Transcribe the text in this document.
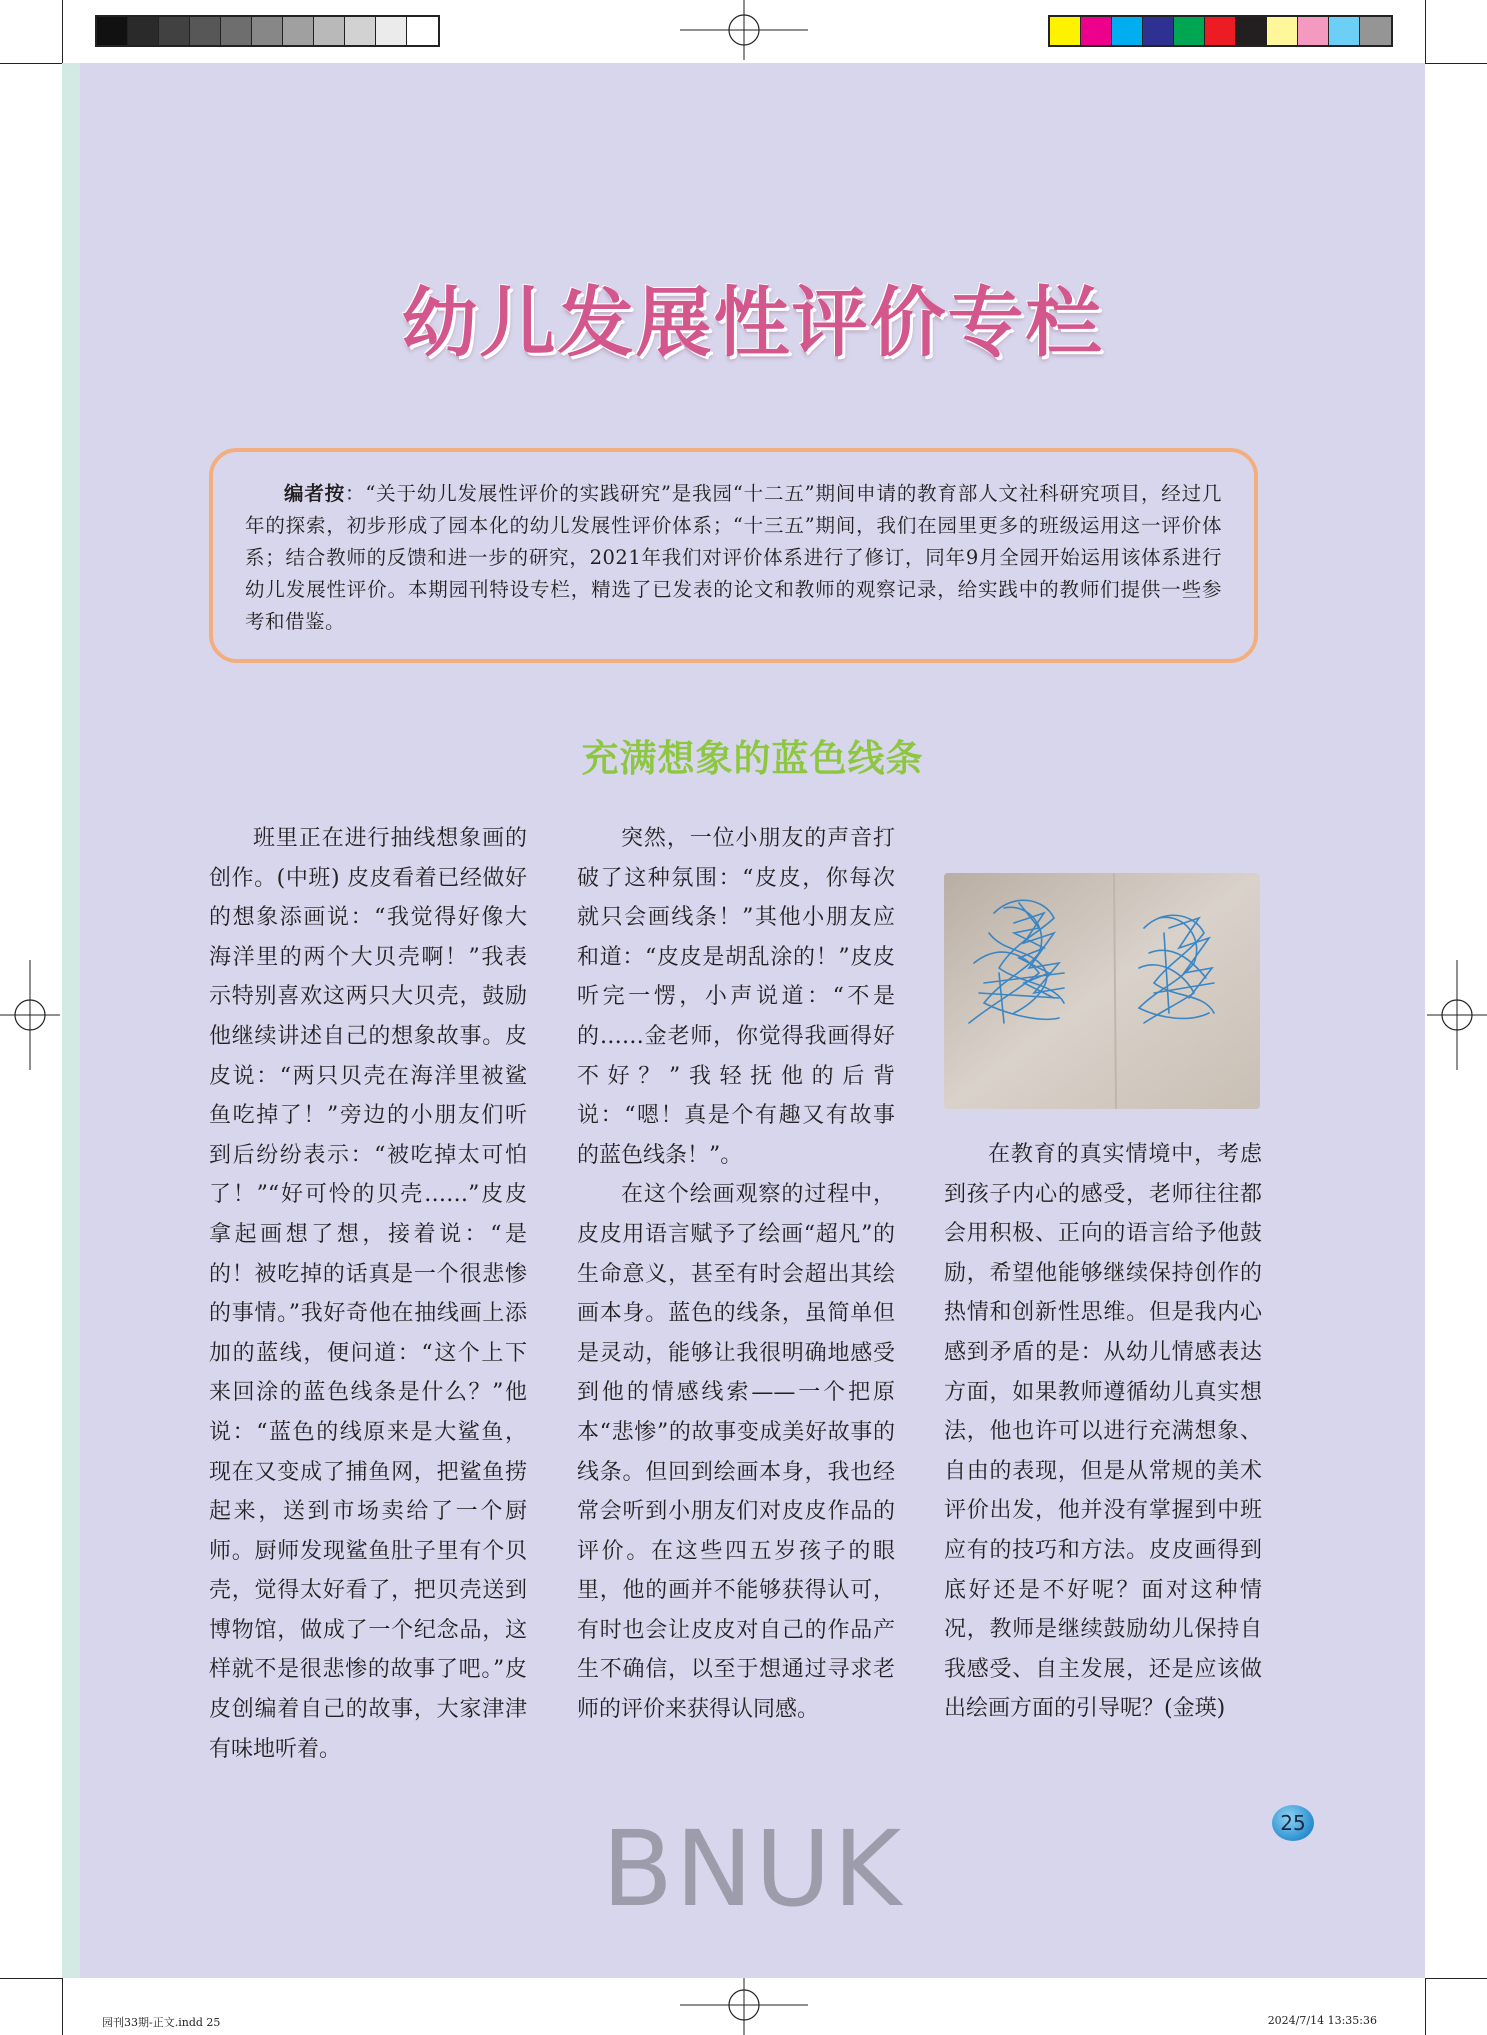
幼儿发展性评价专栏

编者按：“关于幼儿发展性评价的实践研究”是我园“十二五”期间申请的教育部人文社科研究项目，经过几年的探索，初步形成了园本化的幼儿发展性评价体系；“十三五”期间，我们在园里更多的班级运用这一评价体系；结合教师的反馈和进一步的研究，2021年我们对评价体系进行了修订，同年9月全园开始运用该体系进行幼儿发展性评价。本期园刊特设专栏，精选了已发表的论文和教师的观察记录，给实践中的教师们提供一些参考和借鉴。

充满想象的蓝色线条

班里正在进行抽线想象画的创作。(中班) 皮皮看着已经做好的想象添画说：“我觉得好像大海洋里的两个大贝壳啊！”我表示特别喜欢这两只大贝壳，鼓励他继续讲述自己的想象故事。皮皮说：“两只贝壳在海洋里被鲨鱼吃掉了！”旁边的小朋友们听到后纷纷表示：“被吃掉太可怕了！”“好可怜的贝壳……”皮皮拿起画想了想，接着说：“是的！被吃掉的话真是一个很悲惨的事情。”我好奇他在抽线画上添加的蓝线，便问道：“这个上下来回涂的蓝色线条是什么？”他说：“蓝色的线原来是大鲨鱼，现在又变成了捕鱼网，把鲨鱼捞起来，送到市场卖给了一个厨师。厨师发现鲨鱼肚子里有个贝壳，觉得太好看了，把贝壳送到博物馆，做成了一个纪念品，这样就不是很悲惨的故事了吧。”皮皮创编着自己的故事，大家津津有味地听着。

突然，一位小朋友的声音打破了这种氛围：“皮皮，你每次就只会画线条！”其他小朋友应和道：“皮皮是胡乱涂的！”皮皮听完一愣，小声说道：“不是的……金老师，你觉得我画得好不好？”我轻抚他的后背说：“嗯！真是个有趣又有故事的蓝色线条！”。

在这个绘画观察的过程中，皮皮用语言赋予了绘画“超凡”的生命意义，甚至有时会超出其绘画本身。蓝色的线条，虽简单但是灵动，能够让我很明确地感受到他的情感线索——一个把原本“悲惨”的故事变成美好故事的线条。但回到绘画本身，我也经常会听到小朋友们对皮皮作品的评价。在这些四五岁孩子的眼里，他的画并不能够获得认可，有时也会让皮皮对自己的作品产生不确信，以至于想通过寻求老师的评价来获得认同感。

在教育的真实情境中，考虑到孩子内心的感受，老师往往都会用积极、正向的语言给予他鼓励，希望他能够继续保持创作的热情和创新性思维。但是我内心感到矛盾的是：从幼儿情感表达方面，如果教师遵循幼儿真实想法，他也许可以进行充满想象、自由的表现，但是从常规的美术评价出发，他并没有掌握到中班应有的技巧和方法。皮皮画得到底好还是不好呢？面对这种情况，教师是继续鼓励幼儿保持自我感受、自主发展，还是应该做出绘画方面的引导呢？(金瑛)

25
BNUK
园刊33期-正文.indd 25	2024/7/14 13:35:36
